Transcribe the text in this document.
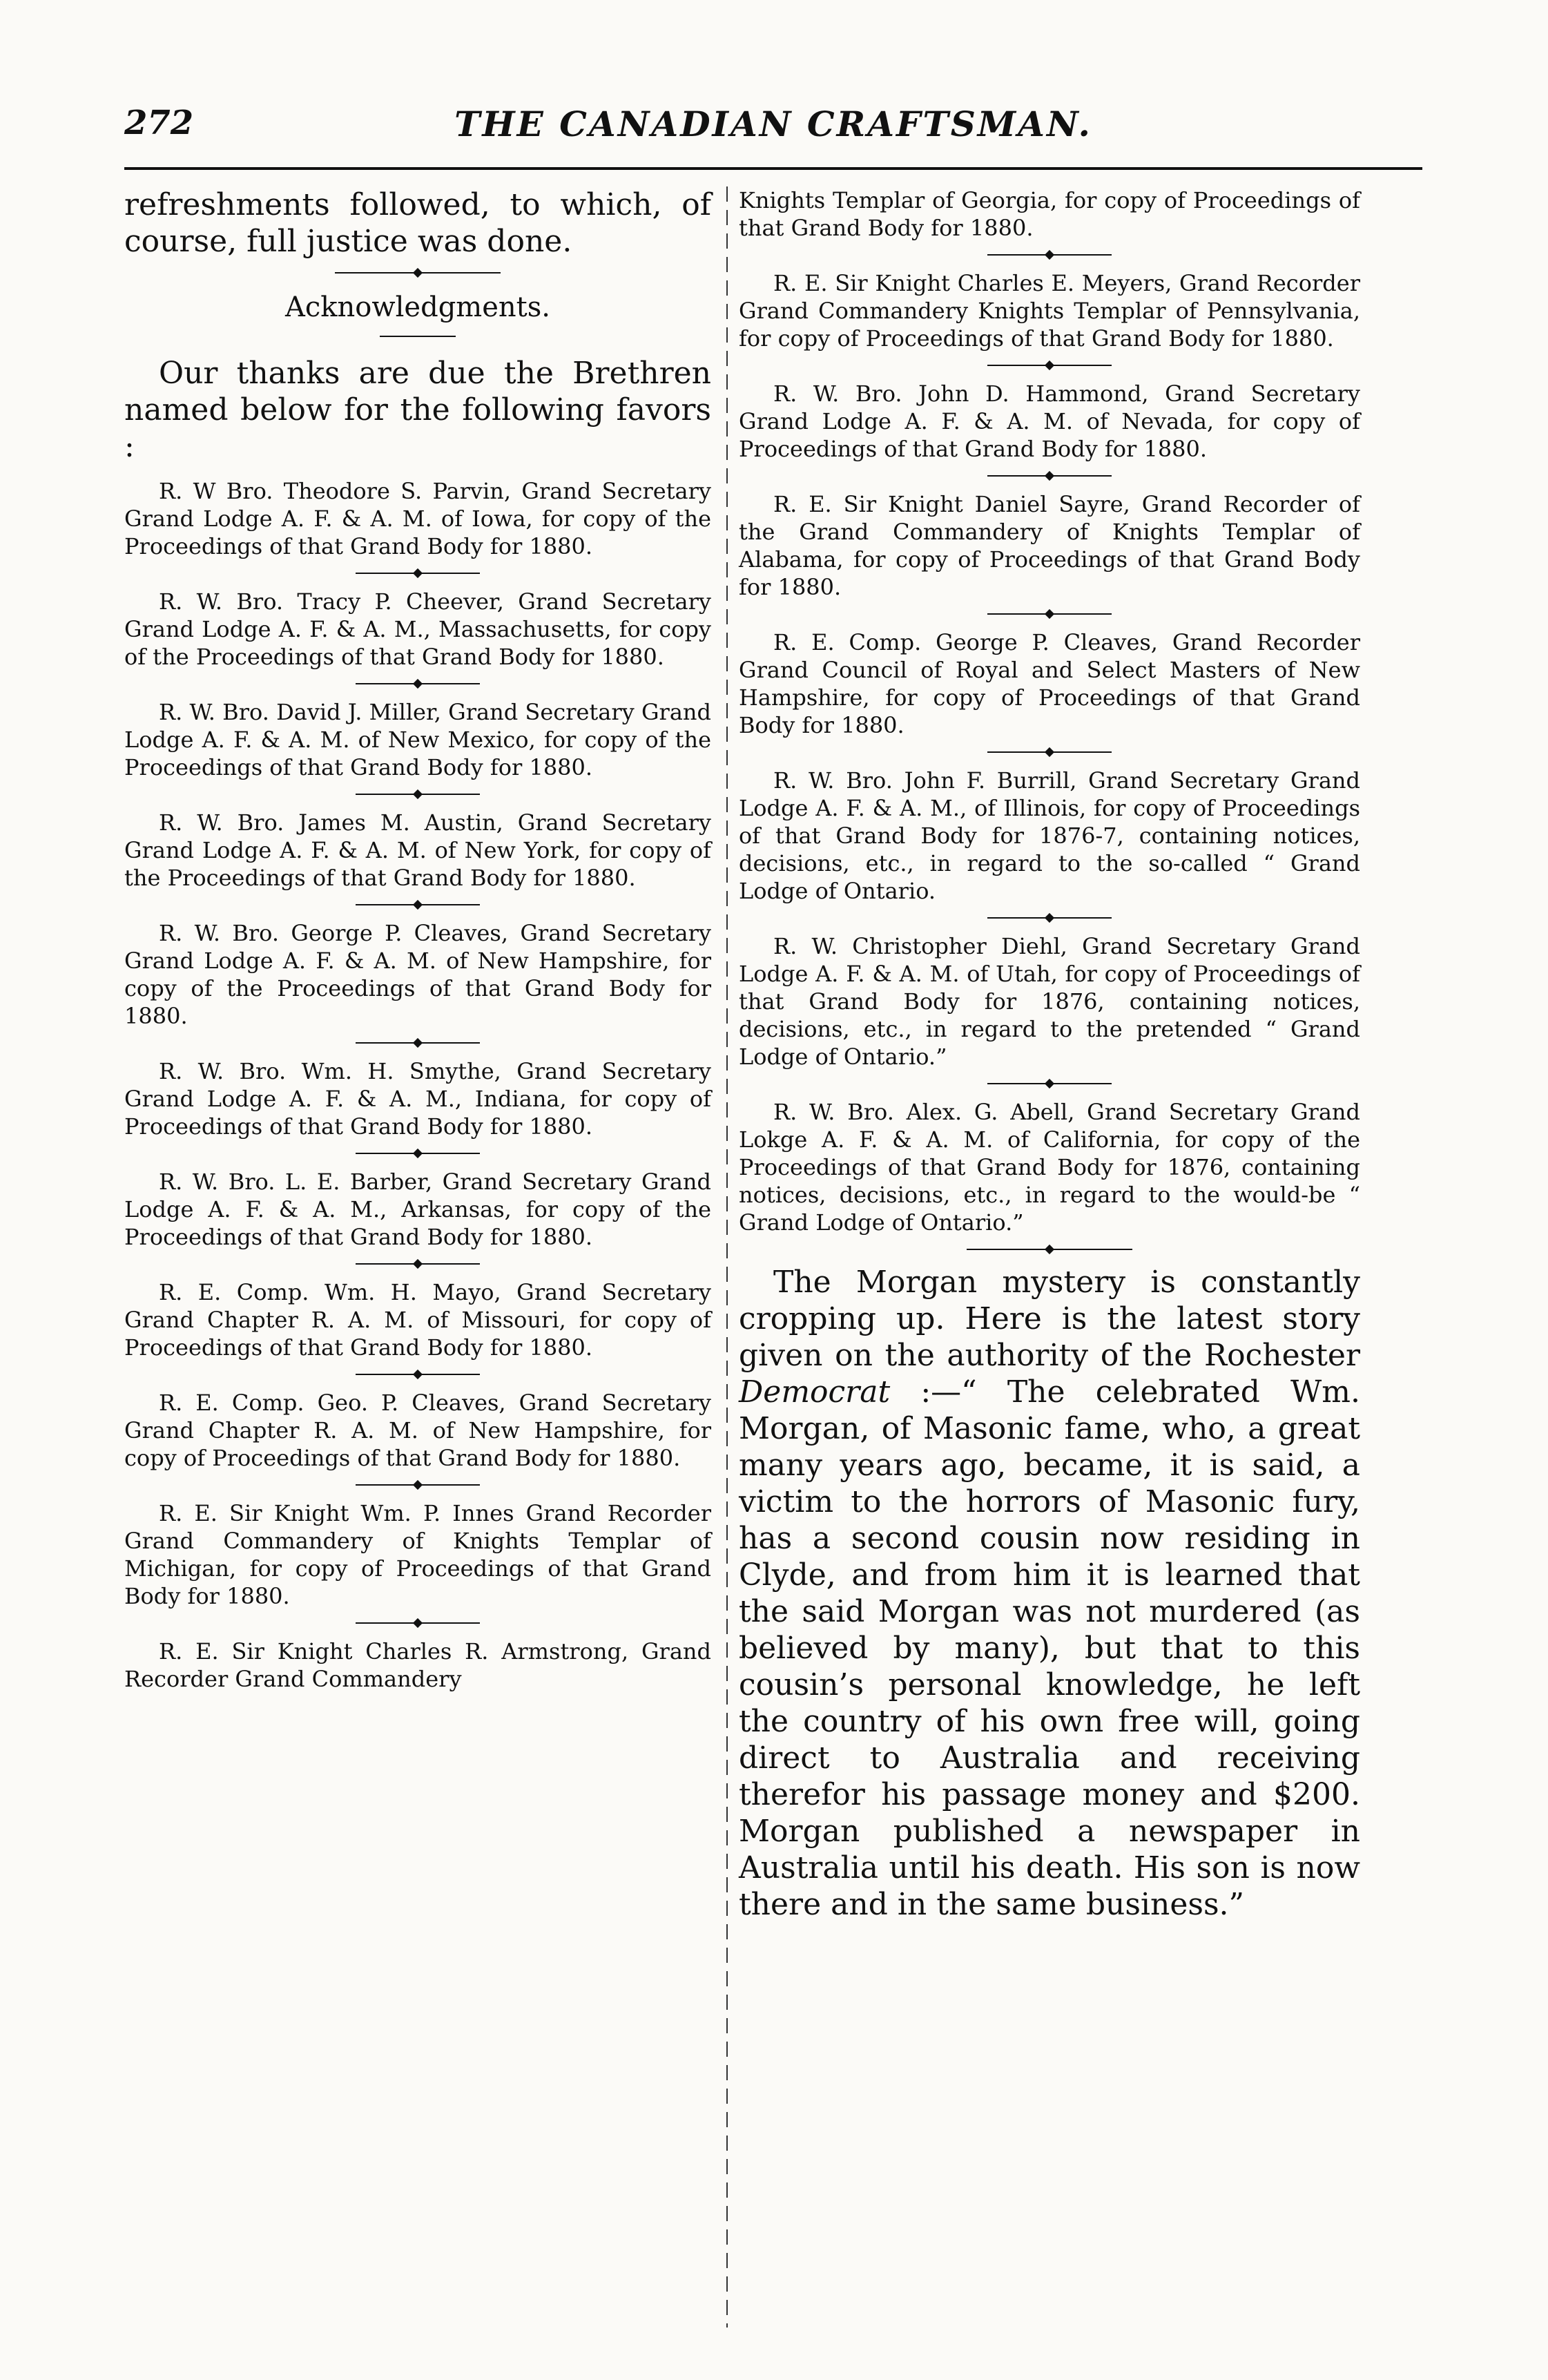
272	THE CANADIAN CRAFTSMAN.

refreshments followed, to which, of course, full justice was done.

Acknowledgments.

Our thanks are due the Brethren named below for the following favors :

R. W Bro. Theodore S. Parvin, Grand Secretary Grand Lodge A. F. & A. M. of Iowa, for copy of the Proceedings of that Grand Body for 1880.

R. W. Bro. Tracy P. Cheever, Grand Secretary Grand Lodge A. F. & A. M., Massachusetts, for copy of the Proceedings of that Grand Body for 1880.

R. W. Bro. David J. Miller, Grand Secretary Grand Lodge A. F. & A. M. of New Mexico, for copy of the Proceedings of that Grand Body for 1880.

R. W. Bro. James M. Austin, Grand Secretary Grand Lodge A. F. & A. M. of New York, for copy of the Proceedings of that Grand Body for 1880.

R. W. Bro. George P. Cleaves, Grand Secretary Grand Lodge A. F. & A. M. of New Hampshire, for copy of the Proceedings of that Grand Body for 1880.

R. W. Bro. Wm. H. Smythe, Grand Secretary Grand Lodge A. F. & A. M., Indiana, for copy of Proceedings of that Grand Body for 1880.

R. W. Bro. L. E. Barber, Grand Secretary Grand Lodge A. F. & A. M., Arkansas, for copy of the Proceedings of that Grand Body for 1880.

R. E. Comp. Wm. H. Mayo, Grand Secretary Grand Chapter R. A. M. of Missouri, for copy of Proceedings of that Grand Body for 1880.

R. E. Comp. Geo. P. Cleaves, Grand Secretary Grand Chapter R. A. M. of New Hampshire, for copy of Proceedings of that Grand Body for 1880.

R. E. Sir Knight Wm. P. Innes Grand Recorder Grand Commandery of Knights Templar of Michigan, for copy of Proceedings of that Grand Body for 1880.

R. E. Sir Knight Charles R. Armstrong, Grand Recorder Grand Commandery

Knights Templar of Georgia, for copy of Proceedings of that Grand Body for 1880.

R. E. Sir Knight Charles E. Meyers, Grand Recorder Grand Commandery Knights Templar of Pennsylvania, for copy of Proceedings of that Grand Body for 1880.

R. W. Bro. John D. Hammond, Grand Secretary Grand Lodge A. F. & A. M. of Nevada, for copy of Proceedings of that Grand Body for 1880.

R. E. Sir Knight Daniel Sayre, Grand Recorder of the Grand Commandery of Knights Templar of Alabama, for copy of Proceedings of that Grand Body for 1880.

R. E. Comp. George P. Cleaves, Grand Recorder Grand Council of Royal and Select Masters of New Hampshire, for copy of Proceedings of that Grand Body for 1880.

R. W. Bro. John F. Burrill, Grand Secretary Grand Lodge A. F. & A. M., of Illinois, for copy of Proceedings of that Grand Body for 1876-7, containing notices, decisions, etc., in regard to the so-called “ Grand Lodge of Ontario.

R. W. Christopher Diehl, Grand Secretary Grand Lodge A. F. & A. M. of Utah, for copy of Proceedings of that Grand Body for 1876, containing notices, decisions, etc., in regard to the pretended “ Grand Lodge of Ontario.”

R. W. Bro. Alex. G. Abell, Grand Secretary Grand Lokge A. F. & A. M. of California, for copy of the Proceedings of that Grand Body for 1876, containing notices, decisions, etc., in regard to the would-be “ Grand Lodge of Ontario.”

The Morgan mystery is constantly cropping up. Here is the latest story given on the authority of the Rochester Democrat :—“ The celebrated Wm. Morgan, of Masonic fame, who, a great many years ago, became, it is said, a victim to the horrors of Masonic fury, has a second cousin now residing in Clyde, and from him it is learned that the said Morgan was not murdered (as believed by many), but that to this cousin’s personal knowledge, he left the country of his own free will, going direct to Australia and receiving therefor his passage money and $200. Morgan published a newspaper in Australia until his death. His son is now there and in the same business.”
